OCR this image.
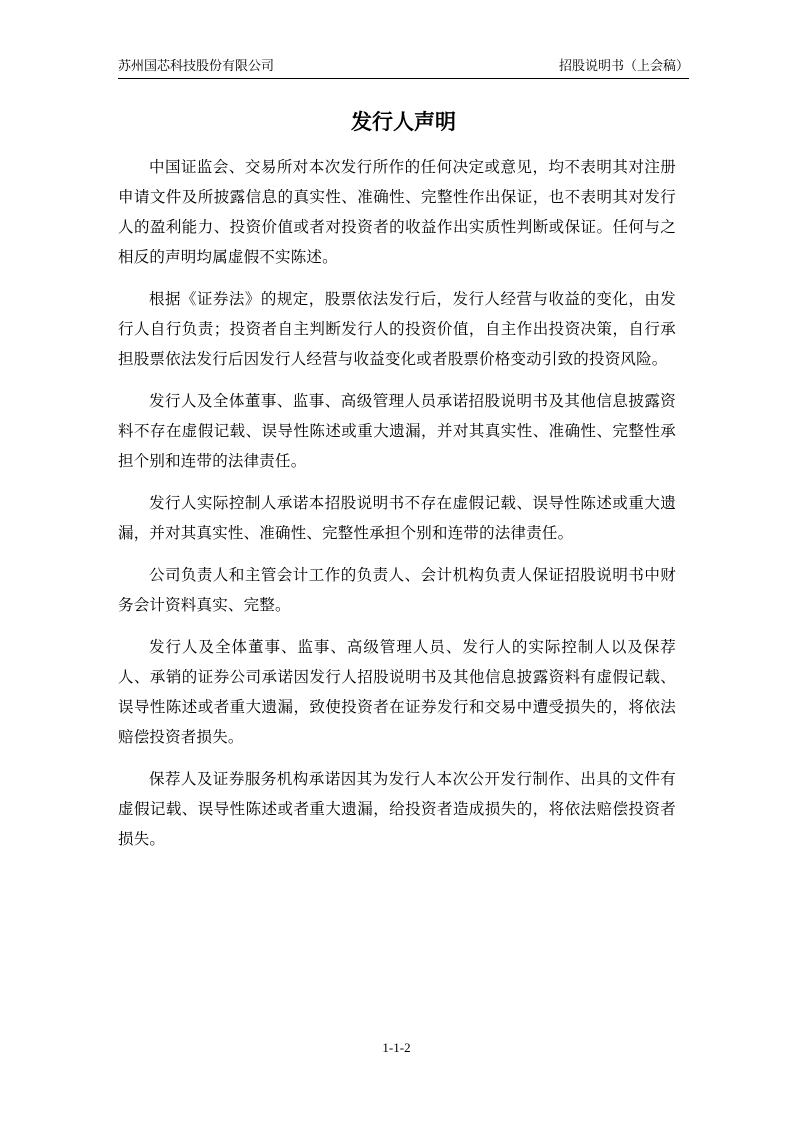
苏州国芯科技股份有限公司	招股说明书（上会稿）
发行人声明

中国证监会、交易所对本次发行所作的任何决定或意见，均不表明其对注册申请文件及所披露信息的真实性、准确性、完整性作出保证，也不表明其对发行人的盈利能力、投资价值或者对投资者的收益作出实质性判断或保证。任何与之相反的声明均属虚假不实陈述。

根据《证券法》的规定，股票依法发行后，发行人经营与收益的变化，由发行人自行负责；投资者自主判断发行人的投资价值，自主作出投资决策，自行承担股票依法发行后因发行人经营与收益变化或者股票价格变动引致的投资风险。

发行人及全体董事、监事、高级管理人员承诺招股说明书及其他信息披露资料不存在虚假记载、误导性陈述或重大遗漏，并对其真实性、准确性、完整性承担个别和连带的法律责任。

发行人实际控制人承诺本招股说明书不存在虚假记载、误导性陈述或重大遗漏，并对其真实性、准确性、完整性承担个别和连带的法律责任。

公司负责人和主管会计工作的负责人、会计机构负责人保证招股说明书中财务会计资料真实、完整。

发行人及全体董事、监事、高级管理人员、发行人的实际控制人以及保荐人、承销的证券公司承诺因发行人招股说明书及其他信息披露资料有虚假记载、误导性陈述或者重大遗漏，致使投资者在证券发行和交易中遭受损失的，将依法赔偿投资者损失。

保荐人及证券服务机构承诺因其为发行人本次公开发行制作、出具的文件有虚假记载、误导性陈述或者重大遗漏，给投资者造成损失的，将依法赔偿投资者损失。

1-1-2
